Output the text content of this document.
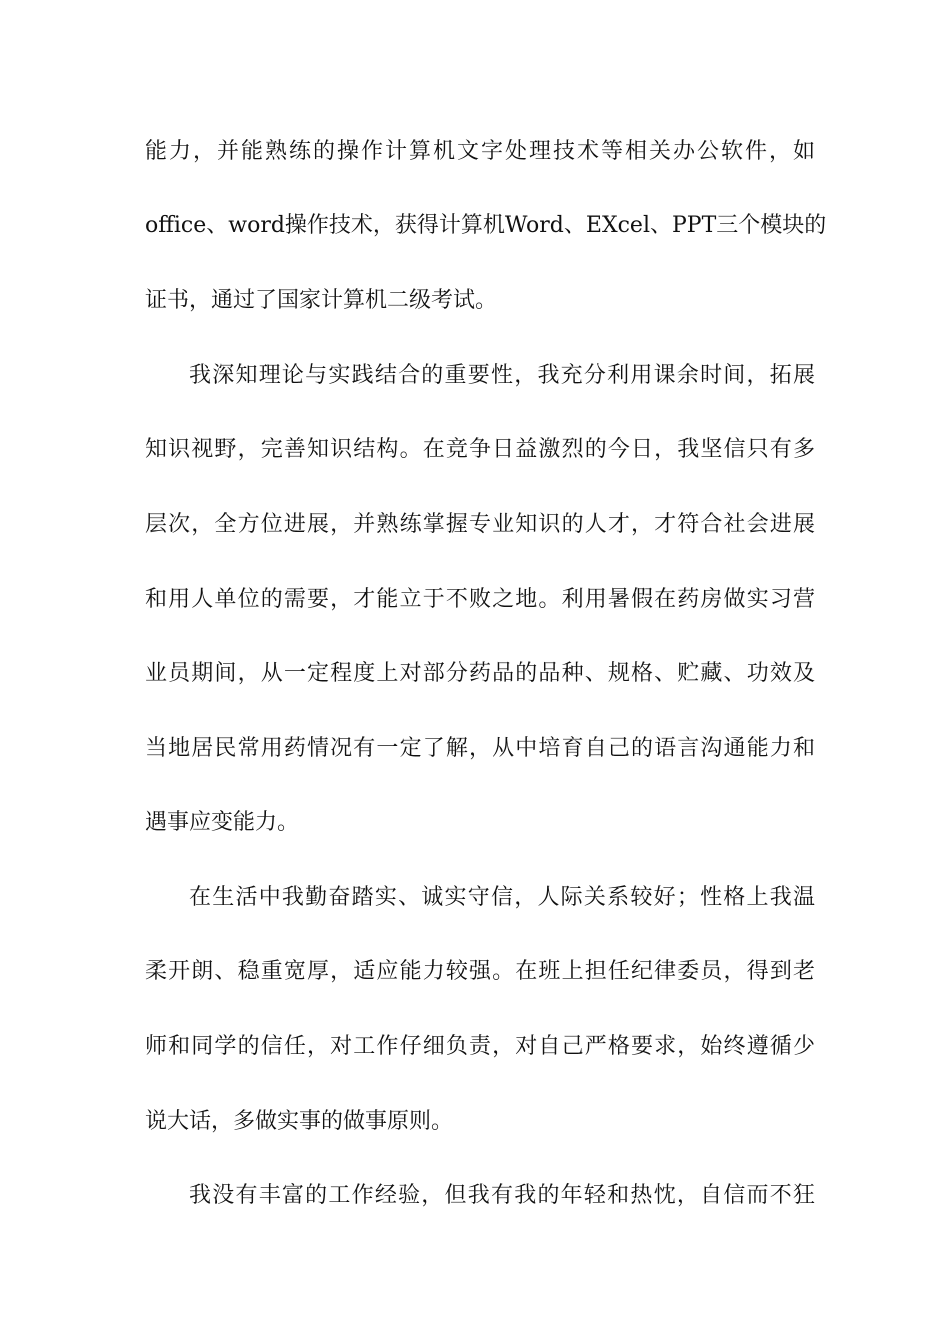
能力，并能熟练的操作计算机文字处理技术等相关办公软件，如
office、word操作技术，获得计算机Word、EXcel、PPT三个模块的
证书，通过了国家计算机二级考试。
我深知理论与实践结合的重要性，我充分利用课余时间，拓展
知识视野，完善知识结构。在竞争日益激烈的今日，我坚信只有多
层次，全方位进展，并熟练掌握专业知识的人才，才符合社会进展
和用人单位的需要，才能立于不败之地。利用暑假在药房做实习营
业员期间，从一定程度上对部分药品的品种、规格、贮藏、功效及
当地居民常用药情况有一定了解，从中培育自己的语言沟通能力和
遇事应变能力。
在生活中我勤奋踏实、诚实守信，人际关系较好；性格上我温
柔开朗、稳重宽厚，适应能力较强。在班上担任纪律委员，得到老
师和同学的信任，对工作仔细负责，对自己严格要求，始终遵循少
说大话，多做实事的做事原则。
我没有丰富的工作经验，但我有我的年轻和热忱，自信而不狂
